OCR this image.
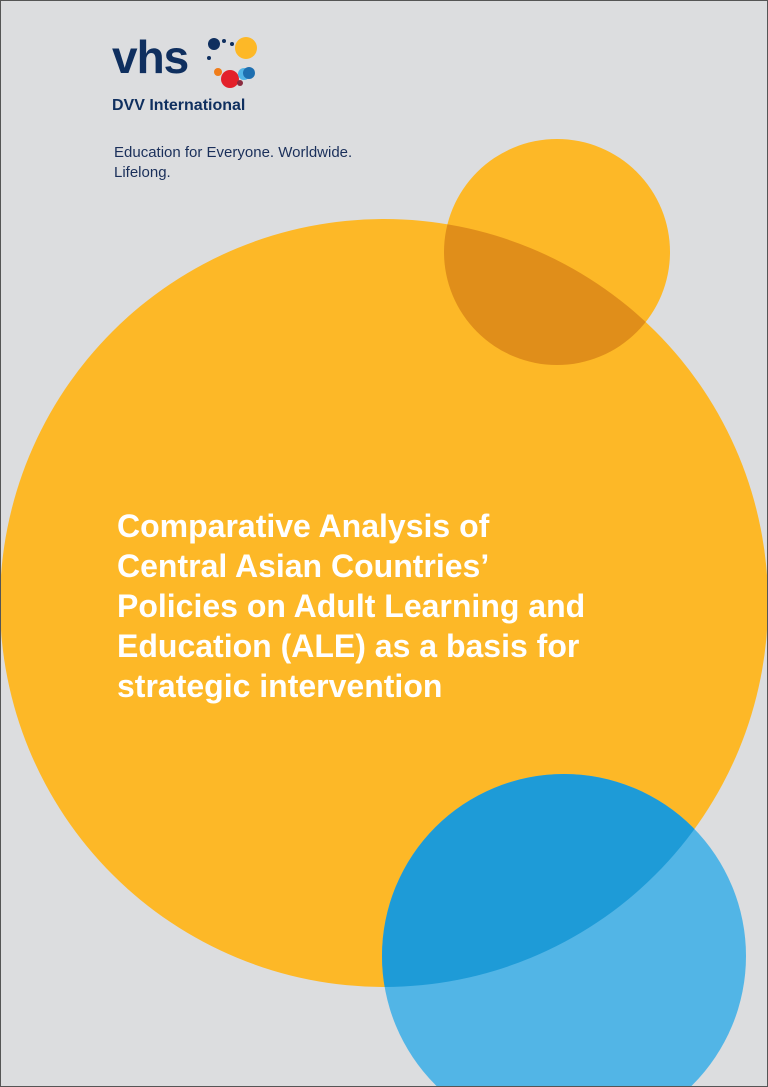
vhs
DVV International
Education for Everyone. Worldwide.
Lifelong.
Comparative Analysis of
Central Asian Countries’
Policies on Adult Learning and
Education (ALE) as a basis for
strategic intervention
